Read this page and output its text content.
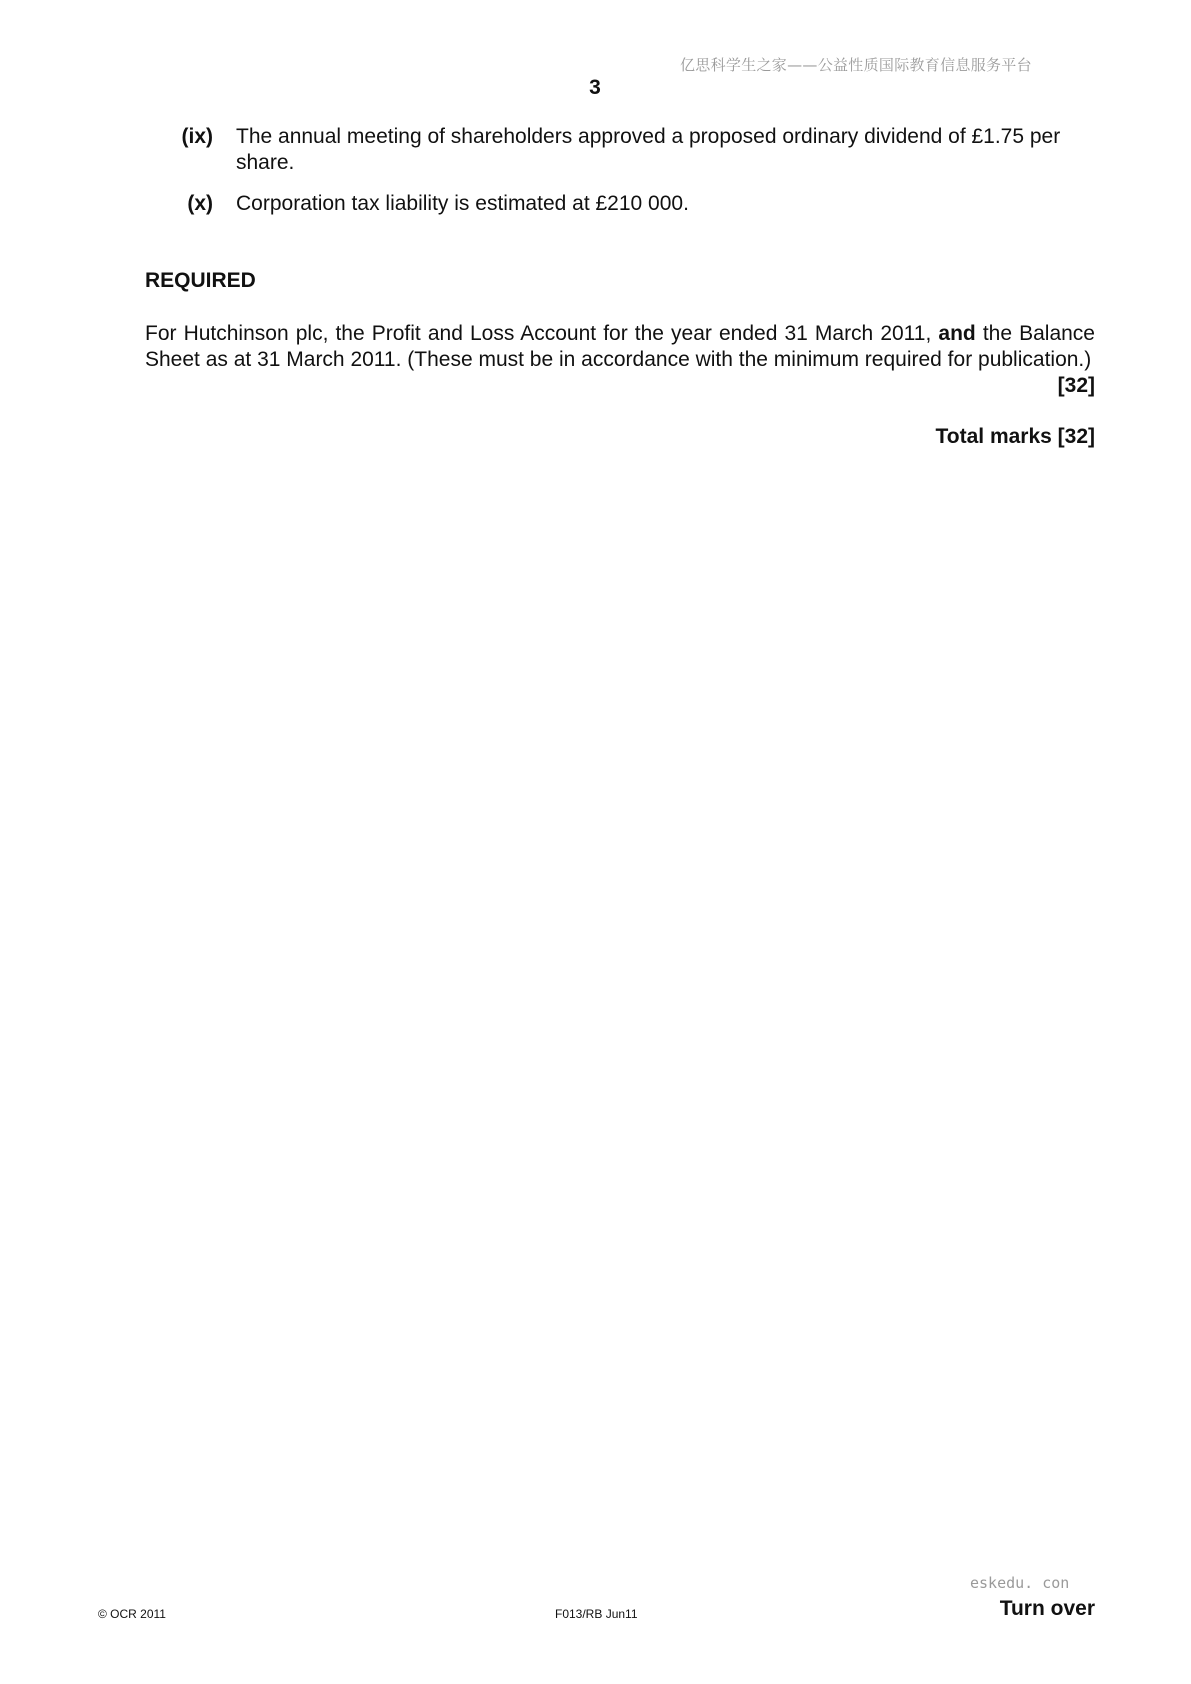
亿思科学生之家——公益性质国际教育信息服务平台
3
(ix) The annual meeting of shareholders approved a proposed ordinary dividend of £1.75 per share.
(x) Corporation tax liability is estimated at £210 000.
REQUIRED
For Hutchinson plc, the Profit and Loss Account for the year ended 31 March 2011, and the Balance Sheet as at 31 March 2011. (These must be in accordance with the minimum required for publication.)
[32]
Total marks [32]
eskedu. con
© OCR 2011	F013/RB Jun11	Turn over
